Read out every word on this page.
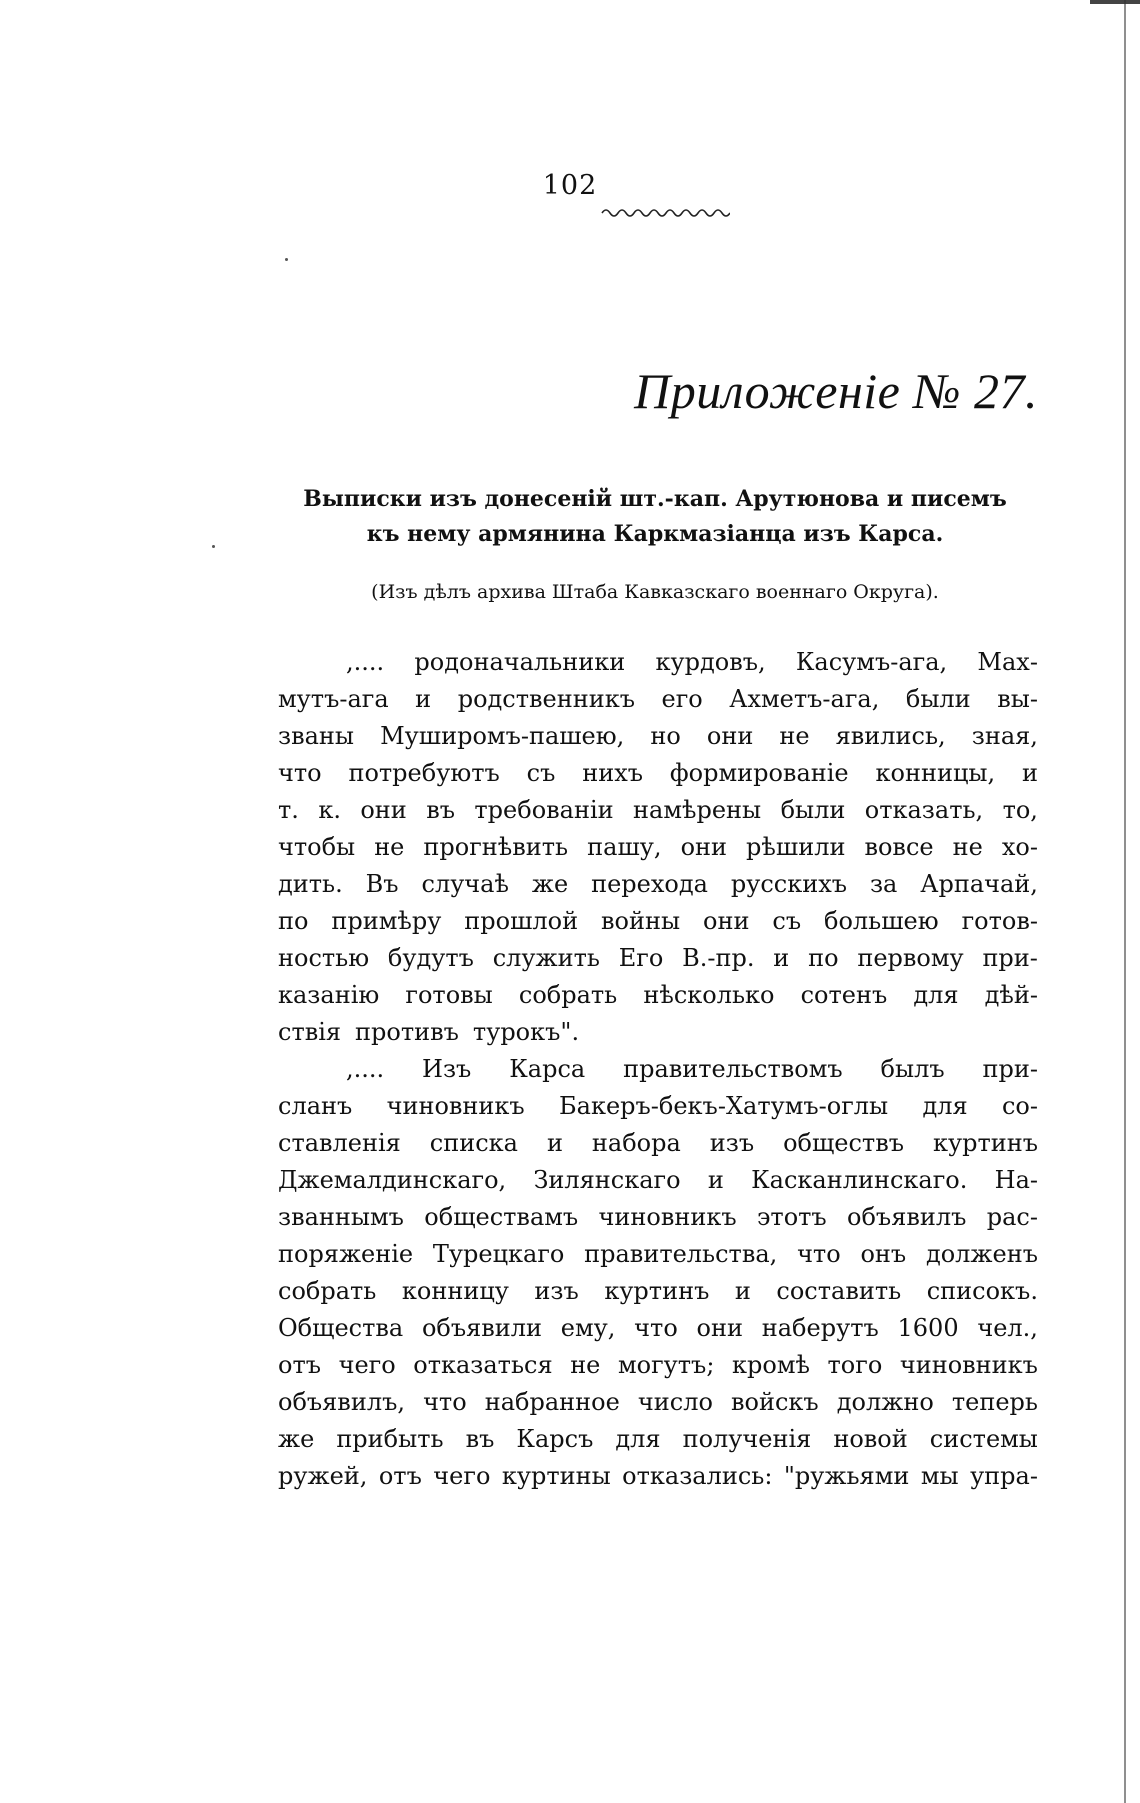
102
Приложеніе № 27.
Выписки изъ донесеній шт.-кап. Арутюнова и писемъ
къ нему армянина Каркмазіанца изъ Карса.
(Изъ дѣлъ архива Штаба Кавказскаго военнаго Округа).
,.... родоначальники курдовъ, Касумъ-ага, Мах-
мутъ-ага и родственникъ его Ахметъ-ага, были вы-
званы Муширомъ-пашею, но они не явились, зная,
что потребуютъ съ нихъ формированіе конницы, и
т. к. они въ требованіи намѣрены были отказать, то,
чтобы не прогнѣвить пашу, они рѣшили вовсе не хо-
дить. Въ случаѣ же перехода русскихъ за Арпачай,
по примѣру прошлой войны они съ большею готов-
ностью будутъ служить Его В.-пр. и по первому при-
казанію готовы собрать нѣсколько сотенъ для дѣй-
ствія противъ турокъ".
,.... Изъ Карса правительствомъ былъ при-
сланъ чиновникъ Бакеръ-бекъ-Хатумъ-оглы для со-
ставленія списка и набора изъ обществъ куртинъ
Джемалдинскаго, Зилянскаго и Касканлинскаго. На-
званнымъ обществамъ чиновникъ этотъ объявилъ рас-
поряженіе Турецкаго правительства, что онъ долженъ
собрать конницу изъ куртинъ и составить списокъ.
Общества объявили ему, что они наберутъ 1600 чел.,
отъ чего отказаться не могутъ; кромѣ того чиновникъ
объявилъ, что набранное число войскъ должно теперь
же прибыть въ Карсъ для полученія новой системы
ружей, отъ чего куртины отказались: "ружьями мы упра-
